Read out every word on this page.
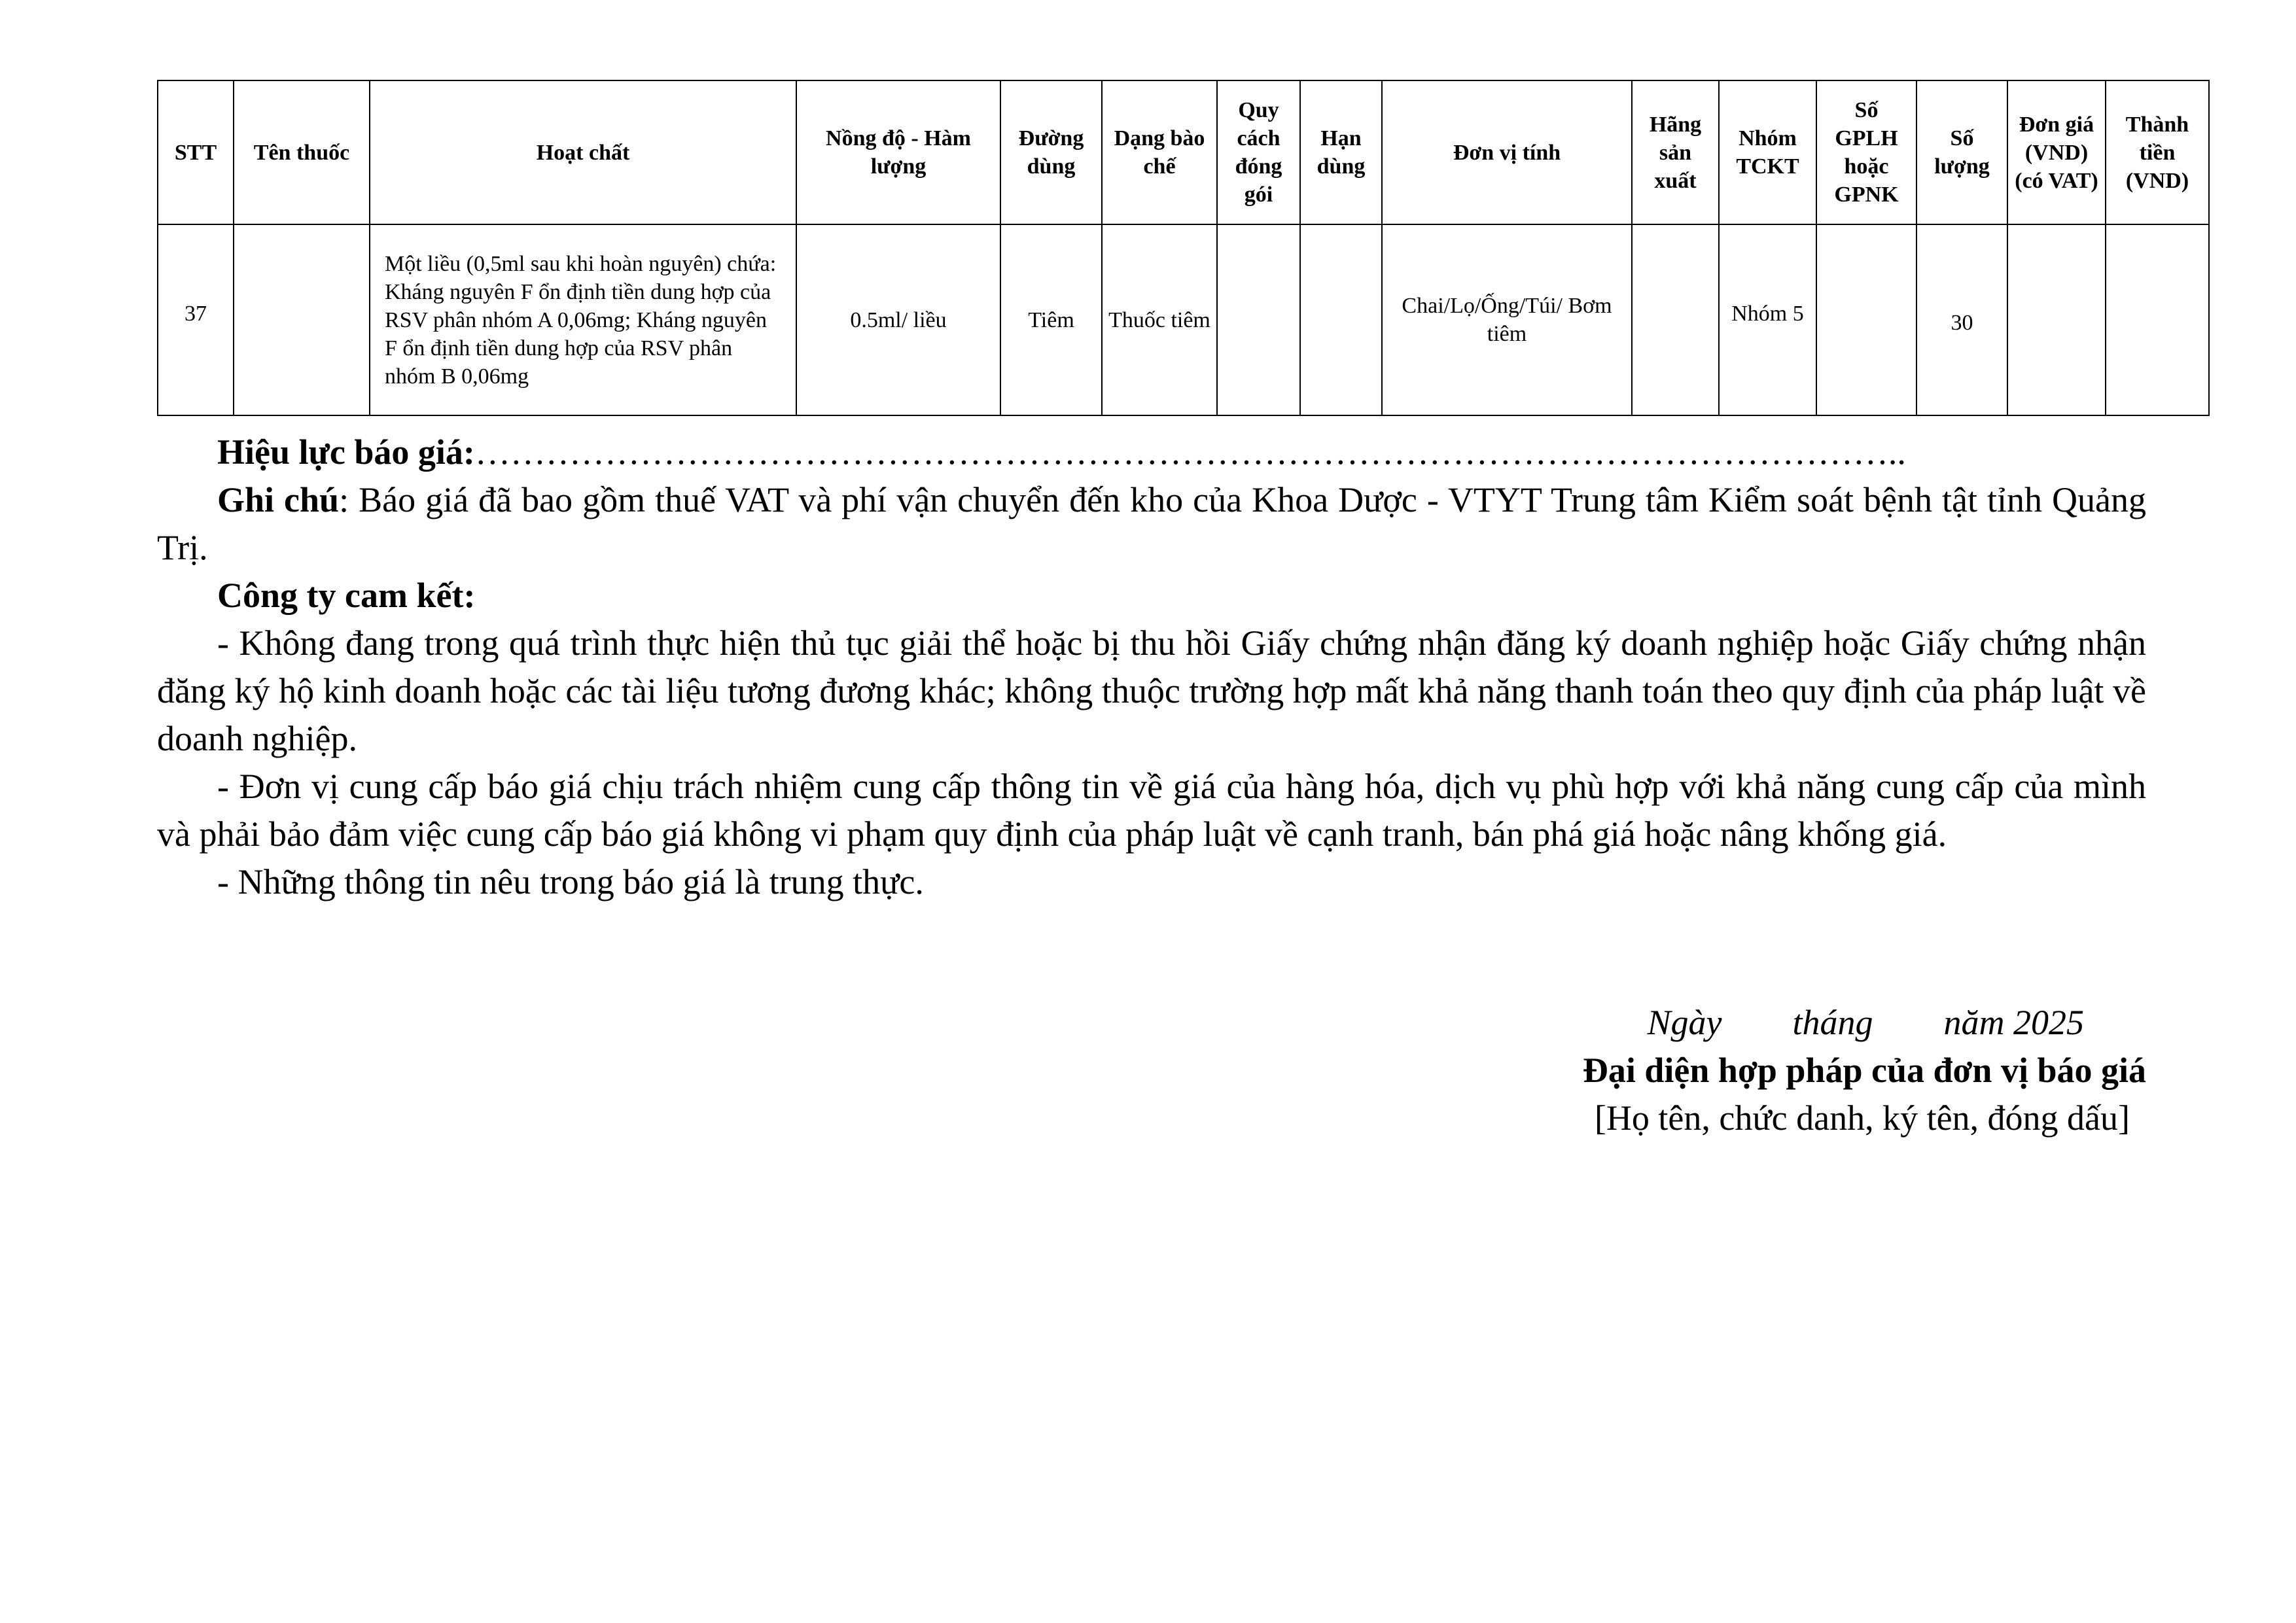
STT	Tên thuốc	Hoạt chất	Nồng độ - Hàm lượng	Đường dùng	Dạng bào chế	Quy cách đóng gói	Hạn dùng	Đơn vị tính	Hãng sản xuất	Nhóm TCKT	Số GPLH hoặc GPNK	Số lượng	Đơn giá (VND) (có VAT)	Thành tiền (VND)
37		Một liều (0,5ml sau khi hoàn nguyên) chứa: Kháng nguyên F ổn định tiền dung hợp của RSV phân nhóm A 0,06mg; Kháng nguyên F ổn định tiền dung hợp của RSV phân nhóm B 0,06mg	0.5ml/ liều	Tiêm	Thuốc tiêm			Chai/Lọ/Ống/Túi/ Bơm tiêm		Nhóm 5		30		

Hiệu lực báo giá:…………………………………………………………………………………………………………..

Ghi chú: Báo giá đã bao gồm thuế VAT và phí vận chuyển đến kho của Khoa Dược - VTYT Trung tâm Kiểm soát bệnh tật tỉnh Quảng Trị.

Công ty cam kết:

- Không đang trong quá trình thực hiện thủ tục giải thể hoặc bị thu hồi Giấy chứng nhận đăng ký doanh nghiệp hoặc Giấy chứng nhận đăng ký hộ kinh doanh hoặc các tài liệu tương đương khác; không thuộc trường hợp mất khả năng thanh toán theo quy định của pháp luật về doanh nghiệp.

- Đơn vị cung cấp báo giá chịu trách nhiệm cung cấp thông tin về giá của hàng hóa, dịch vụ phù hợp với khả năng cung cấp của mình và phải bảo đảm việc cung cấp báo giá không vi phạm quy định của pháp luật về cạnh tranh, bán phá giá hoặc nâng khống giá.

- Những thông tin nêu trong báo giá là trung thực.

Ngày        tháng        năm 2025
Đại diện hợp pháp của đơn vị báo giá
[Họ tên, chức danh, ký tên, đóng dấu]
